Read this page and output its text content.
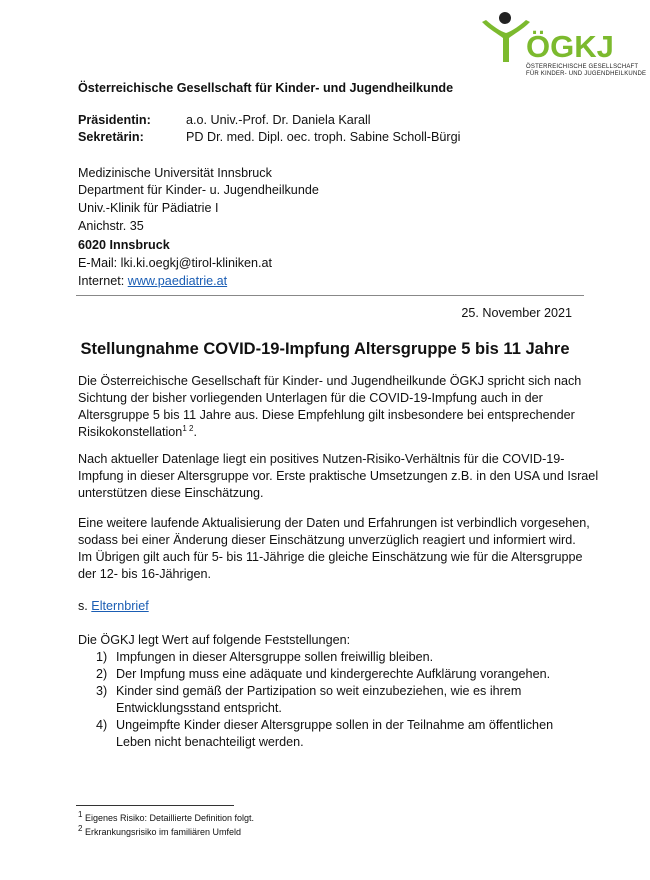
ÖGKJ
ÖSTERREICHISCHE GESELLSCHAFT
FÜR KINDER- UND JUGENDHEILKUNDE
Österreichische Gesellschaft für Kinder- und Jugendheilkunde
Präsidentin:	a.o. Univ.-Prof. Dr. Daniela Karall
Sekretärin:	PD Dr. med. Dipl. oec. troph. Sabine Scholl-Bürgi
Medizinische Universität Innsbruck
Department für Kinder- u. Jugendheilkunde
Univ.-Klinik für Pädiatrie I
Anichstr. 35
6020 Innsbruck
E-Mail: lki.ki.oegkj@tirol-kliniken.at
Internet: www.paediatrie.at
25. November 2021
Stellungnahme COVID-19-Impfung Altersgruppe 5 bis 11 Jahre
Die Österreichische Gesellschaft für Kinder- und Jugendheilkunde ÖGKJ spricht sich nach
Sichtung der bisher vorliegenden Unterlagen für die COVID-19-Impfung auch in der
Altersgruppe 5 bis 11 Jahre aus. Diese Empfehlung gilt insbesondere bei entsprechender
Risikokonstellation$^{1 2}$.
Nach aktueller Datenlage liegt ein positives Nutzen-Risiko-Verhältnis für die COVID-19-
Impfung in dieser Altersgruppe vor. Erste praktische Umsetzungen z.B. in den USA und Israel
unterstützen diese Einschätzung.
Eine weitere laufende Aktualisierung der Daten und Erfahrungen ist verbindlich vorgesehen,
sodass bei einer Änderung dieser Einschätzung unverzüglich reagiert und informiert wird.
Im Übrigen gilt auch für 5- bis 11-Jährige die gleiche Einschätzung wie für die Altersgruppe
der 12- bis 16-Jährigen.
s. Elternbrief
Die ÖGKJ legt Wert auf folgende Feststellungen:
1) Impfungen in dieser Altersgruppe sollen freiwillig bleiben.
2) Der Impfung muss eine adäquate und kindergerechte Aufklärung vorangehen.
3) Kinder sind gemäß der Partizipation so weit einzubeziehen, wie es ihrem
Entwicklungsstand entspricht.
4) Ungeimpfte Kinder dieser Altersgruppe sollen in der Teilnahme am öffentlichen
Leben nicht benachteiligt werden.
$^1$ Eigenes Risiko: Detaillierte Definition folgt.
$^2$ Erkrankungsrisiko im familiären Umfeld
